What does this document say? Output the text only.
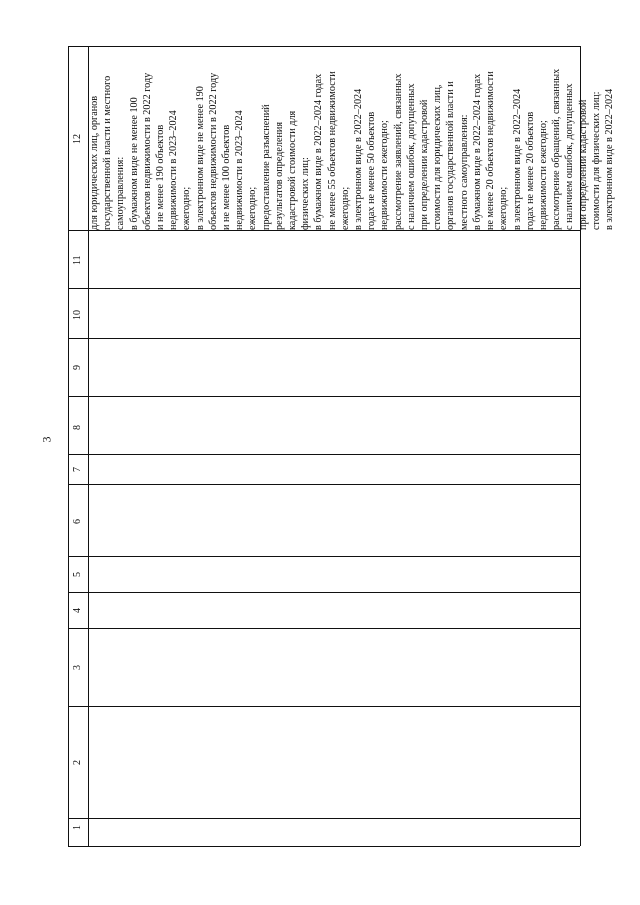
3
1
2
3
4
5
6
7
8
9
10
11
12 для юридических лиц, органов государственной власти и местного самоуправления: в бумажном виде не менее 100 объектов недвижимости в 2022 году и не менее 190 объектов недвижимости в 2023–2024 ежегодно; в электронном виде не менее 190 объектов недвижимости в 2022 году и не менее 100 объектов недвижимости в 2023–2024 ежегодно; предоставление разъяснений результатов определения кадастровой стоимости для физических лиц: в бумажном виде в 2022–2024 годах не менее 55 объектов недвижимости ежегодно; в электронном виде в 2022–2024 годах не менее 50 объектов недвижимости ежегодно; рассмотрение заявлений, связанных с наличием ошибок, допущенных при определении кадастровой стоимости для юридических лиц, органов государственной власти и местного самоуправления: в бумажном виде в 2022–2024 годах не менее 20 объектов недвижимости ежегодно; в электронном виде в 2022–2024 годах не менее 20 объектов недвижимости ежегодно; рассмотрение обращений, связанных с наличием ошибок, допущенных при определении кадастровой стоимости для физических лиц: в электронном виде в 2022–2024
